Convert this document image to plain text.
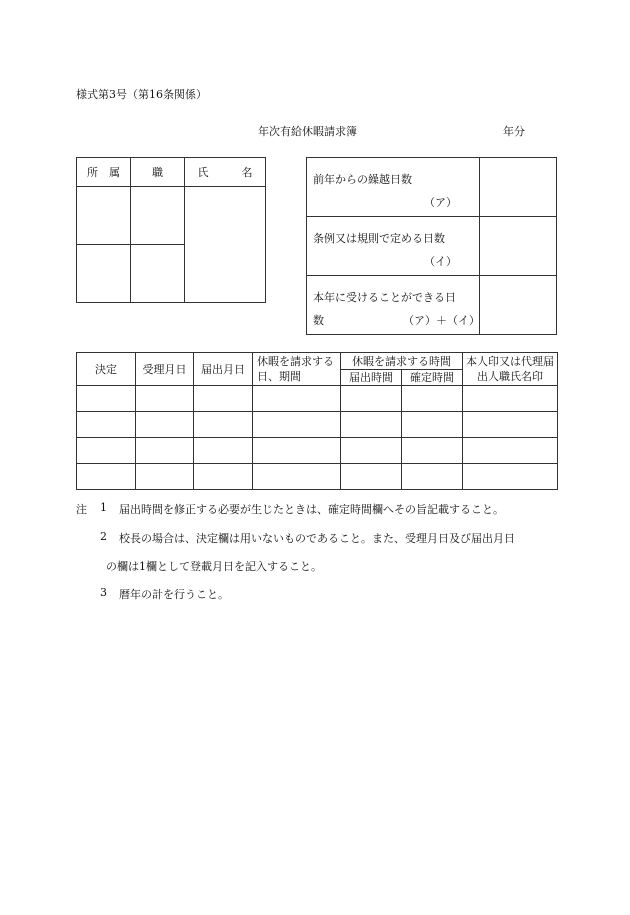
様式第3号（第16条関係）
年次有給休暇請求簿	年分
所　属	職	氏　　　名

前年からの繰越日数
（ア）	

条例又は規則で定める日数
（イ）	

本年に受けることができる日
数 （ア）＋（イ）	

決定	受理月日	届出月日	休暇を請求する日、期間	休暇を請求する時間		本人印又は代理届出人職氏名印
				届出時間	確定時間	

注 1 届出時間を修正する必要が生じたときは、確定時間欄へその旨記載すること。
2 校長の場合は、決定欄は用いないものであること。また、受理月日及び届出月日
の欄は1欄として登載月日を記入すること。
3 暦年の計を行うこと。
